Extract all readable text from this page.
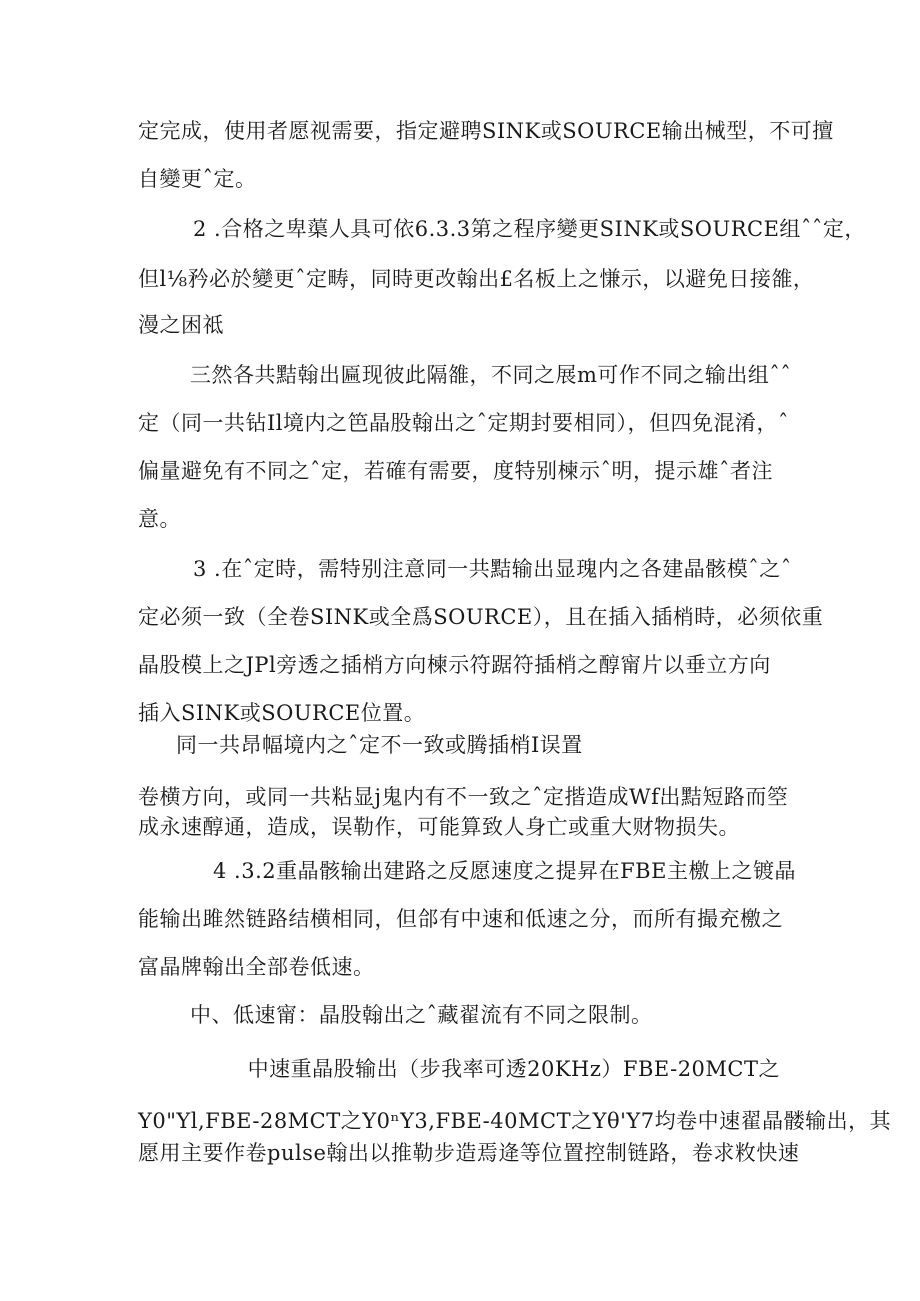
定完成，使用者愿视需要，指定避聘SINK或SOURCE输出械型，不可擅
自變更ˆ定。
2 .合格之卑蕖人具可依6.3.3第之程序變更SINK或SOURCE组ˆˆ定，
但l⅛矜必於變更ˆ定畴，同時更改翰出£名板上之慊示，以避免日接雒，
漫之困祗
三然各共黠翰出匾现彼此隔雒，不同之展m可作不同之输出组ˆˆ
定（同一共钻Il境内之笆晶股翰出之ˆ定期封要相同），但四免混淆，ˆ
偏量避免有不同之ˆ定，若確有需要，度特别楝示ˆ明，提示雄ˆ者注
意。
3 .在ˆ定時，需特别注意同一共黠输出显瑰内之各建晶骸模ˆ之ˆ
定必须一致（全卷SINK或全爲SOURCE），且在插入插梢時，必须依重
晶股模上之JPl旁透之插梢方向楝示符踞符插梢之醇甯片以垂立方向
插入SINK或SOURCE位置。
同一共昂幅境内之ˆ定不一致或腾插梢I误置
卷横方向，或同一共粘显j鬼内有不一致之ˆ定揩造成Wf出黠短路而箜
成永速醇通，造成，误勒作，可能算致人身亡或重大财物损失。
4 .3.2重晶骸输出建路之反愿速度之提昇在FBE主檄上之镀晶
能输出雎然链路结横相同，但郃有中速和低速之分，而所有撮充檄之
富晶牌翰出全部卷低速。
中、低速甯：晶股翰出之ˆ藏翟流有不同之限制。
中速重晶股输出（步我率可透20KHz）FBE-20MCT之
Y0"Yl,FBE-28MCT之Y0ⁿY3,FBE-40MCT之Yθ'Y7均卷中速翟晶髅输出，其
愿用主要作卷pulse翰出以推勒步造焉逄等位置控制链路，卷求敉快速
